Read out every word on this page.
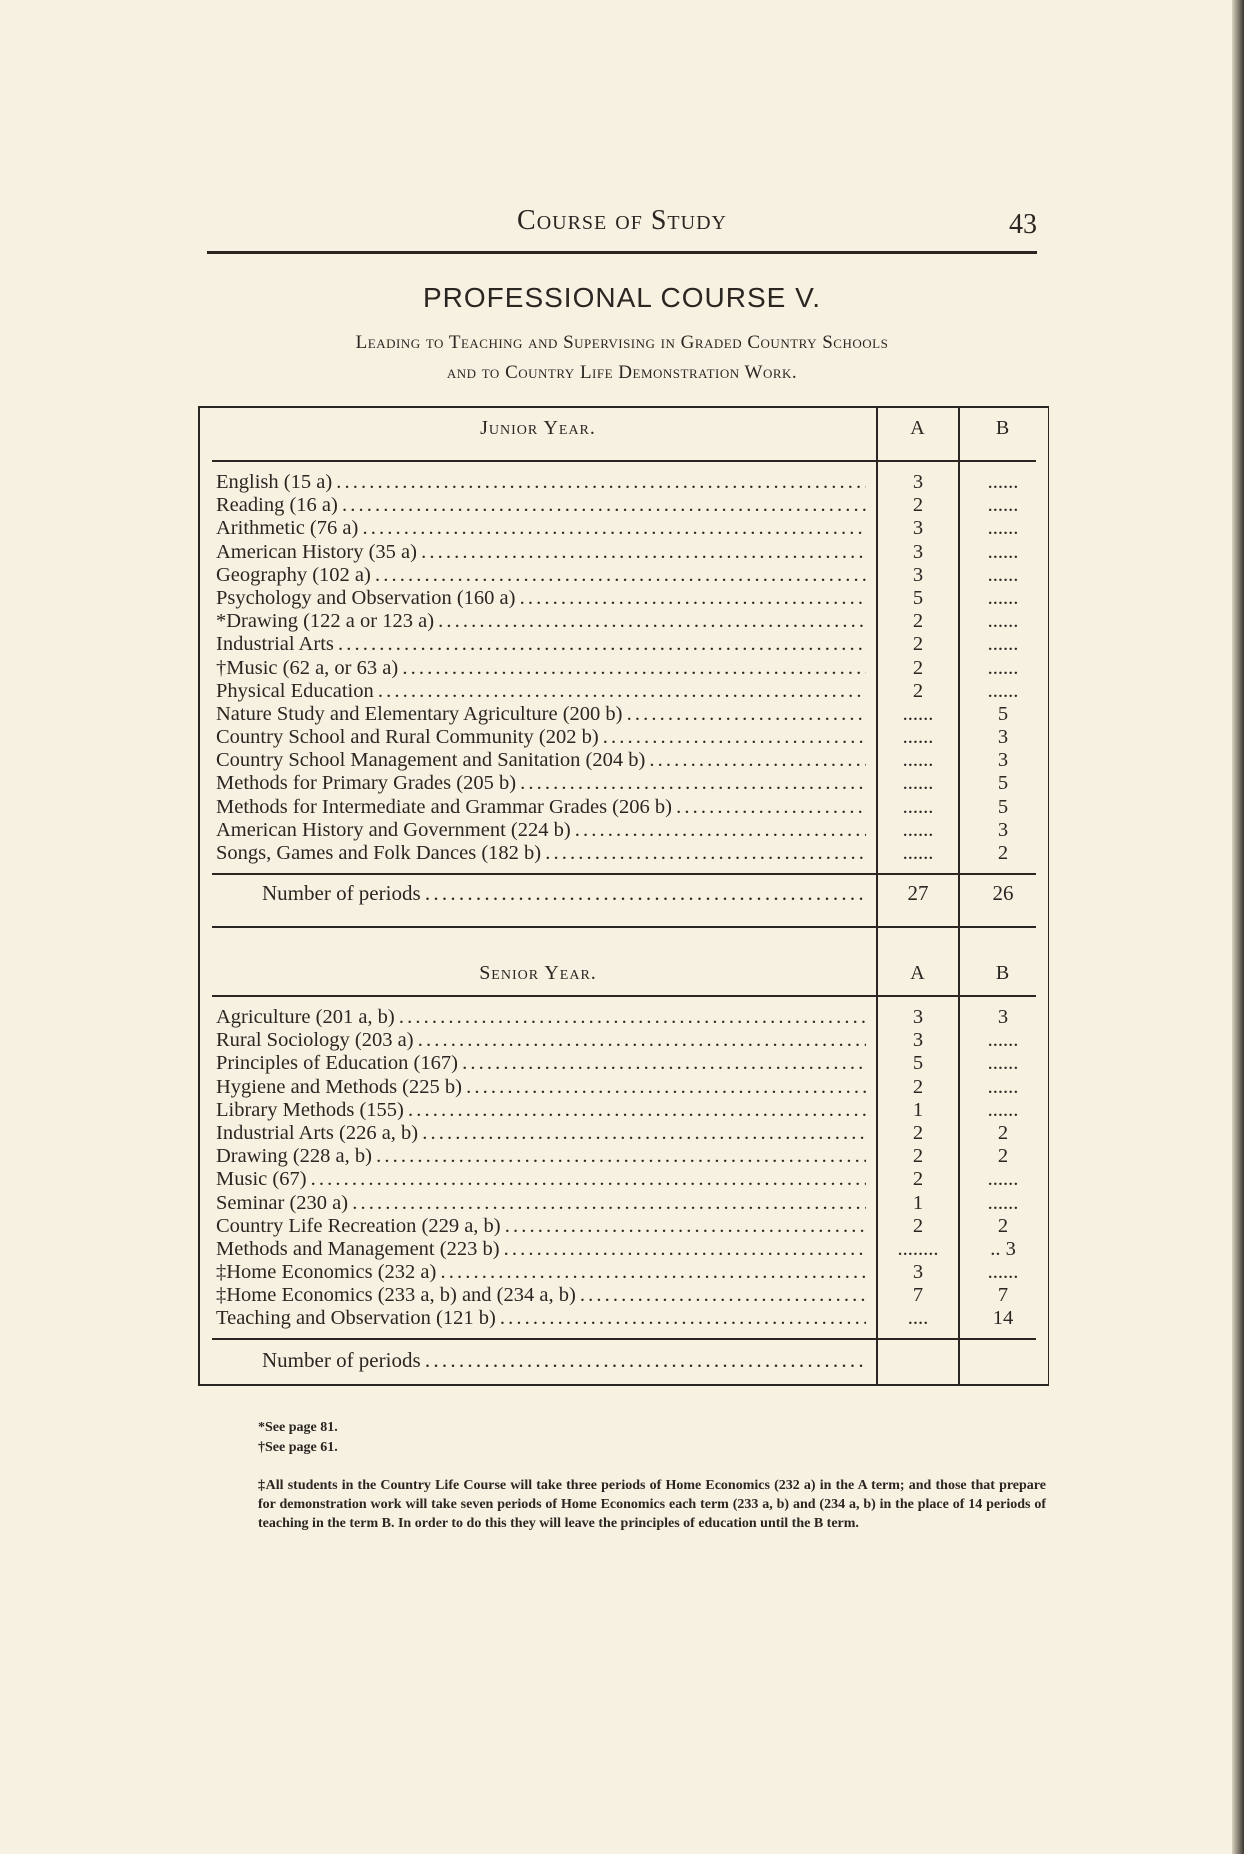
Course of Study	43
PROFESSIONAL COURSE V.
Leading to Teaching and Supervising in Graded Country Schools
and to Country Life Demonstration Work.
Junior Year.	A	B
English (15 a) . . .	3	......
Reading (16 a) . . .	2	......
Arithmetic (76 a) . . .	3	......
American History (35 a) . . .	3	......
Geography (102 a) . . .	3	......
Psychology and Observation (160 a) . . .	5	......
*Drawing (122 a or 123 a) . . .	2	......
Industrial Arts . . .	2	......
†Music (62 a, or 63 a) . . .	2	......
Physical Education . . .	2	......
Nature Study and Elementary Agriculture (200 b) . . .	......	5
Country School and Rural Community (202 b) . . .	......	3
Country School Management and Sanitation (204 b) . . .	......	3
Methods for Primary Grades (205 b) . . .	......	5
Methods for Intermediate and Grammar Grades (206 b) . . .	......	5
American History and Government (224 b) . . .	......	3
Songs, Games and Folk Dances (182 b) . . .	......	2
Number of periods . . .	27	26
Senior Year.	A	B
Agriculture (201 a, b) . . .	3	3
Rural Sociology (203 a) . . .	3	......
Principles of Education (167) . . .	5	......
Hygiene and Methods (225 b) . . .	2	......
Library Methods (155) . . .	1	......
Industrial Arts (226 a, b) . . .	2	2
Drawing (228 a, b) . . .	2	2
Music (67) . . .	2	......
Seminar (230 a) . . .	1	......
Country Life Recreation (229 a, b) . . .	2	2
Methods and Management (223 b) . . .	........	.. 3
‡Home Economics (232 a) . . .	3	......
‡Home Economics (233 a, b) and (234 a, b) . . .	7	7
Teaching and Observation (121 b) . . .	....	14
Number of periods . . .
*See page 81.
†See page 61.
‡All students in the Country Life Course will take three periods of Home Economics (232 a) in the A term; and those that prepare for demonstration work will take seven periods of Home Economics each term (233 a, b) and (234 a, b) in the place of 14 periods of teaching in the term B. In order to do this they will leave the principles of education until the B term.
